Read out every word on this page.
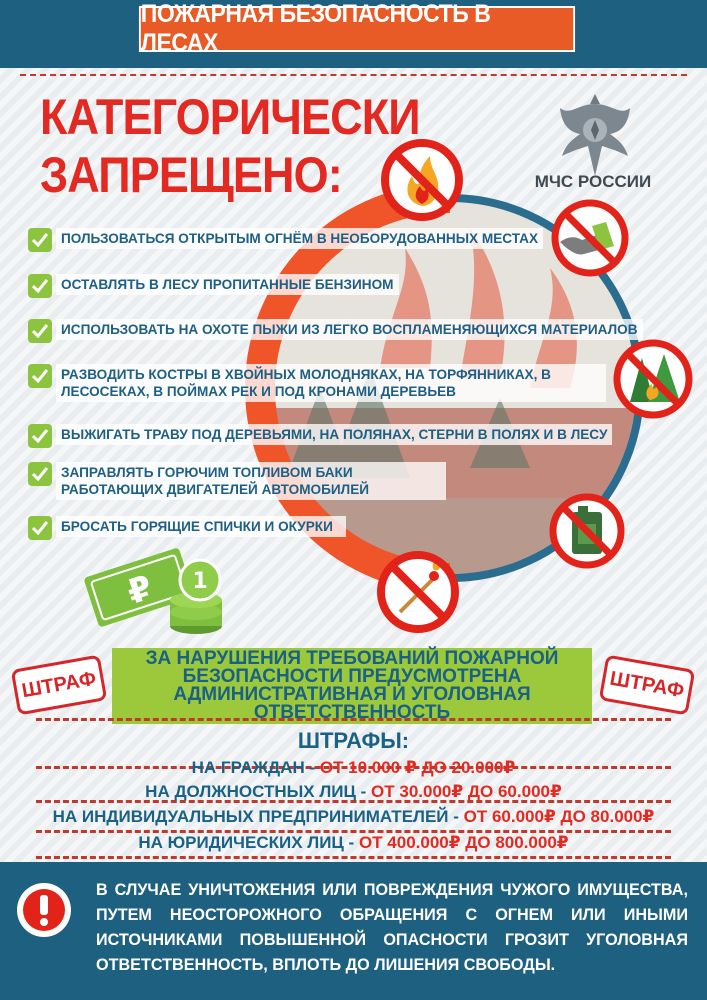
ПОЖАРНАЯ БЕЗОПАСНОСТЬ В ЛЕСАХ
КАТЕГОРИЧЕСКИ
ЗАПРЕЩЕНО:	МЧС РОССИИ
ПОЛЬЗОВАТЬСЯ ОТКРЫТЫМ ОГНЁМ В НЕОБОРУДОВАННЫХ МЕСТАХ
ОСТАВЛЯТЬ В ЛЕСУ ПРОПИТАННЫЕ БЕНЗИНОМ
ИСПОЛЬЗОВАТЬ НА ОХОТЕ ПЫЖИ ИЗ ЛЕГКО ВОСПЛАМЕНЯЮЩИХСЯ МАТЕРИАЛОВ
РАЗВОДИТЬ КОСТРЫ В ХВОЙНЫХ МОЛОДНЯКАХ, НА ТОРФЯННИКАХ, В ЛЕСОСЕКАХ, В ПОЙМАХ РЕК И ПОД КРОНАМИ ДЕРЕВЬЕВ
ВЫЖИГАТЬ ТРАВУ ПОД ДЕРЕВЬЯМИ, НА ПОЛЯНАХ, СТЕРНИ В ПОЛЯХ И В ЛЕСУ
ЗАПРАВЛЯТЬ ГОРЮЧИМ ТОПЛИВОМ БАКИ РАБОТАЮЩИХ ДВИГАТЕЛЕЙ АВТОМОБИЛЕЙ
БРОСАТЬ ГОРЯЩИЕ СПИЧКИ И ОКУРКИ
₽ 1
ШТРАФ	ШТРАФ
ЗА НАРУШЕНИЯ ТРЕБОВАНИЙ ПОЖАРНОЙ БЕЗОПАСНОСТИ ПРЕДУСМОТРЕНА АДМИНИСТРАТИВНАЯ И УГОЛОВНАЯ ОТВЕТСТВЕННОСТЬ
ШТРАФЫ:
НА ГРАЖДАН - ОТ 10.000 ₽ ДО 20.000₽
НА ДОЛЖНОСТНЫХ ЛИЦ - ОТ 30.000₽ ДО 60.000₽
НА ИНДИВИДУАЛЬНЫХ ПРЕДПРИНИМАТЕЛЕЙ - ОТ 60.000₽ ДО 80.000₽
НА ЮРИДИЧЕСКИХ ЛИЦ - ОТ 400.000₽ ДО 800.000₽
В СЛУЧАЕ УНИЧТОЖЕНИЯ ИЛИ ПОВРЕЖДЕНИЯ ЧУЖОГО ИМУЩЕСТВА, ПУТЕМ НЕОСТОРОЖНОГО ОБРАЩЕНИЯ С ОГНЕМ ИЛИ ИНЫМИ ИСТОЧНИКАМИ ПОВЫШЕННОЙ ОПАСНОСТИ ГРОЗИТ УГОЛОВНАЯ ОТВЕТСТВЕННОСТЬ, ВПЛОТЬ ДО ЛИШЕНИЯ СВОБОДЫ.
